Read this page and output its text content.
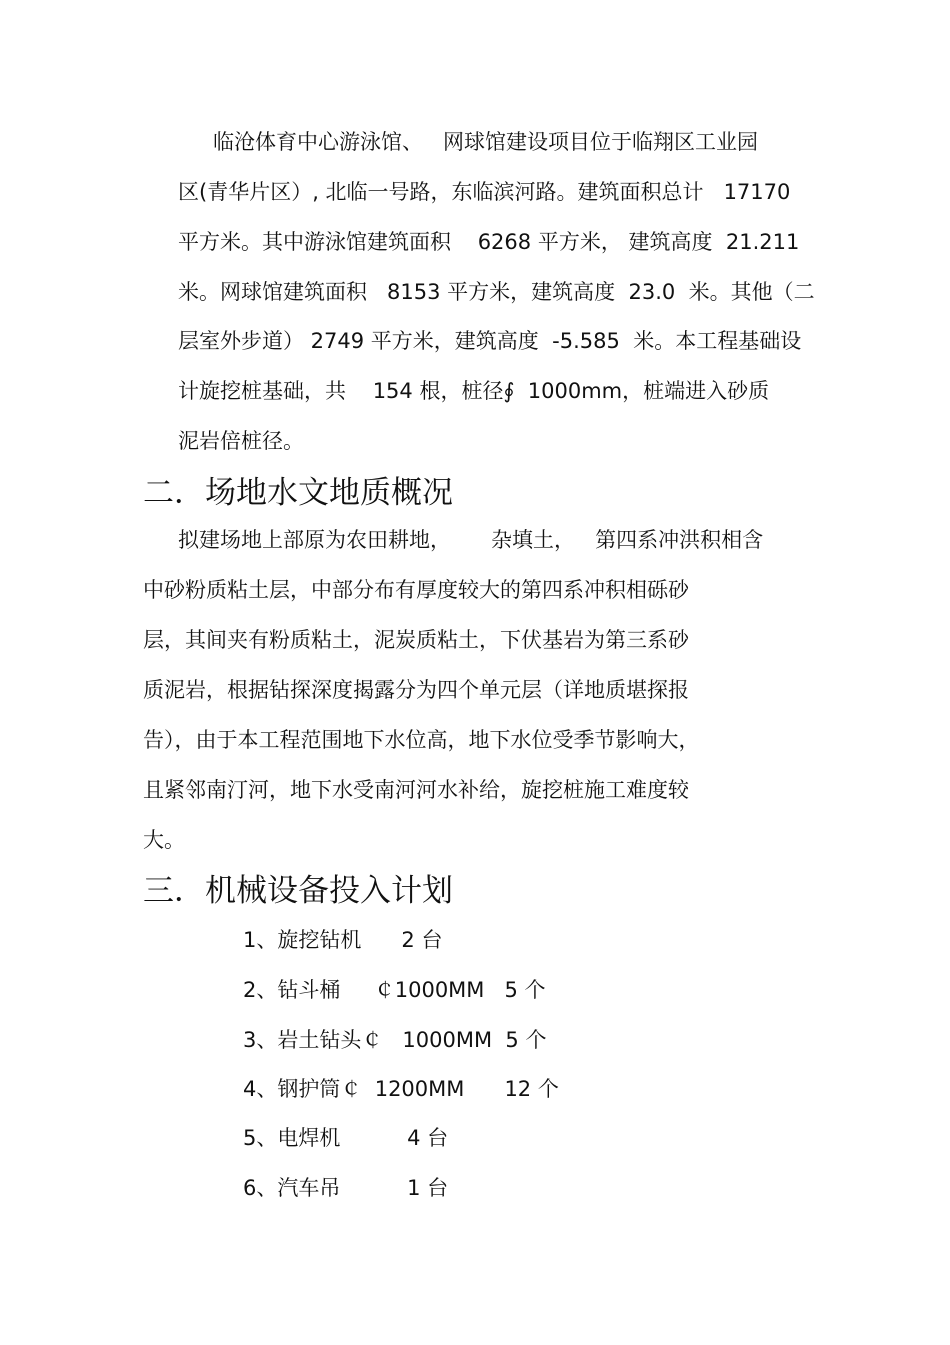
临沧体育中心游泳馆、   网球馆建设项目位于临翔区工业园

区(青华片区）, 北临一号路，东临滨河路。建筑面积总计   17170

平方米。其中游泳馆建筑面积    6268 平方米， 建筑高度  21.211

米。网球馆建筑面积   8153 平方米，建筑高度  23.0  米。其他（二

层室外步道） 2749 平方米，建筑高度  -5.585  米。本工程基础设

计旋挖桩基础，共    154 根，桩径∮  1000mm，桩端进入砂质

泥岩倍桩径。

二．场地水文地质概况

拟建场地上部原为农田耕地，      杂填土，   第四系冲洪积相含

中砂粉质粘土层，中部分布有厚度较大的第四系冲积相砾砂

层，其间夹有粉质粘土，泥炭质粘土，下伏基岩为第三系砂

质泥岩，根据钻探深度揭露分为四个单元层（详地质堪探报

告），由于本工程范围地下水位高，地下水位受季节影响大，

且紧邻南汀河，地下水受南河河水补给，旋挖桩施工难度较

大。

三．机械设备投入计划

1、旋挖钻机      2 台

2、钻斗桶     ￠1000MM   5 个

3、岩土钻头￠   1000MM  5 个

4、钢护筒￠  1200MM      12 个

5、电焊机          4 台

6、汽车吊          1 台
